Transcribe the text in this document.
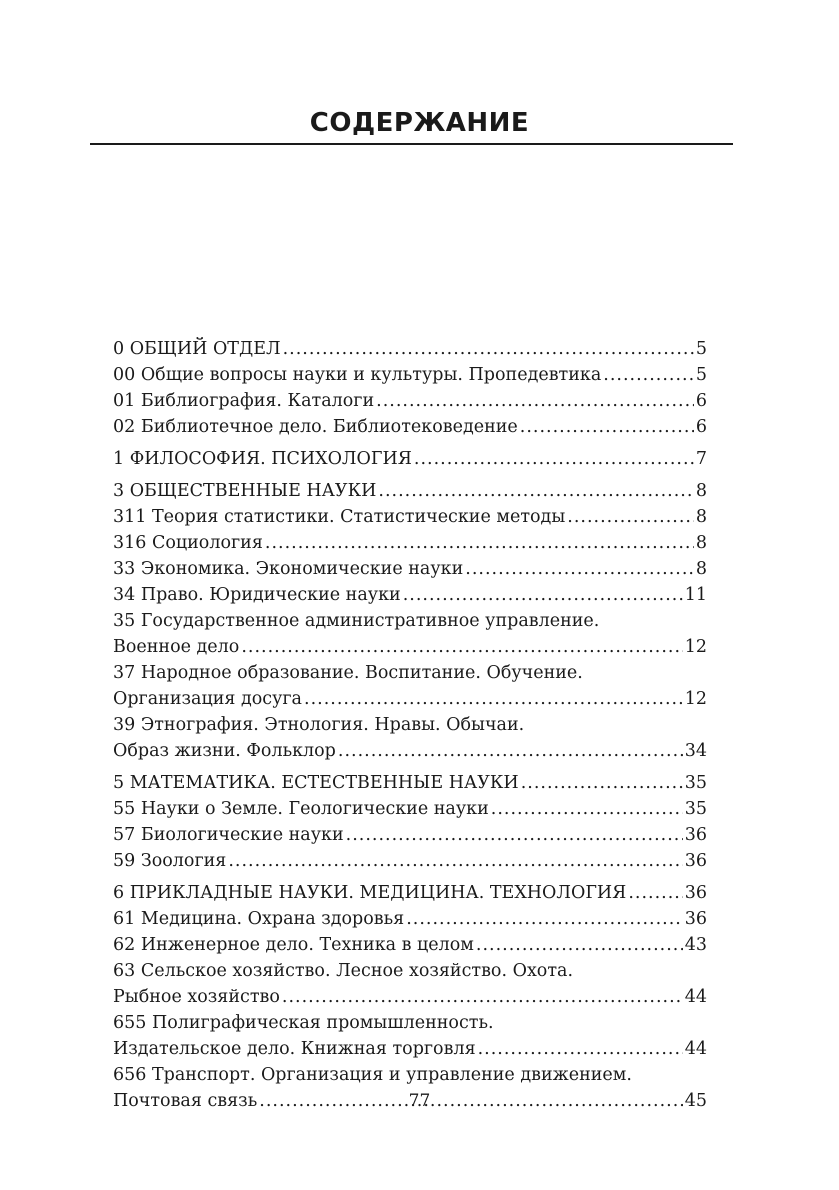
СОДЕРЖАНИЕ
0 ОБЩИЙ ОТДЕЛ .....	5
00 Общие вопросы науки и культуры. Пропедевтика .....	5
01 Библиография. Каталоги .....	6
02 Библиотечное дело. Библиотековедение .....	6
1 ФИЛОСОФИЯ. ПСИХОЛОГИЯ .....	7
3 ОБЩЕСТВЕННЫЕ НАУКИ .....	8
311 Теория статистики. Статистические методы .....	8
316 Социология .....	8
33 Экономика. Экономические науки .....	8
34 Право. Юридические науки .....	11
35 Государственное административное управление.
Военное дело .....	12
37 Народное образование. Воспитание. Обучение.
Организация досуга .....	12
39 Этнография. Этнология. Нравы. Обычаи.
Образ жизни. Фольклор .....	34
5 МАТЕМАТИКА. ЕСТЕСТВЕННЫЕ НАУКИ .....	35
55 Науки о Земле. Геологические науки .....	35
57 Биологические науки .....	36
59 Зоология .....	36
6 ПРИКЛАДНЫЕ НАУКИ. МЕДИЦИНА. ТЕХНОЛОГИЯ .....	36
61 Медицина. Охрана здоровья .....	36
62 Инженерное дело. Техника в целом .....	43
63 Сельское хозяйство. Лесное хозяйство. Охота.
Рыбное хозяйство .....	44
655 Полиграфическая промышленность.
Издательское дело. Книжная торговля .....	44
656 Транспорт. Организация и управление движением.
Почтовая связь .....	45
77
